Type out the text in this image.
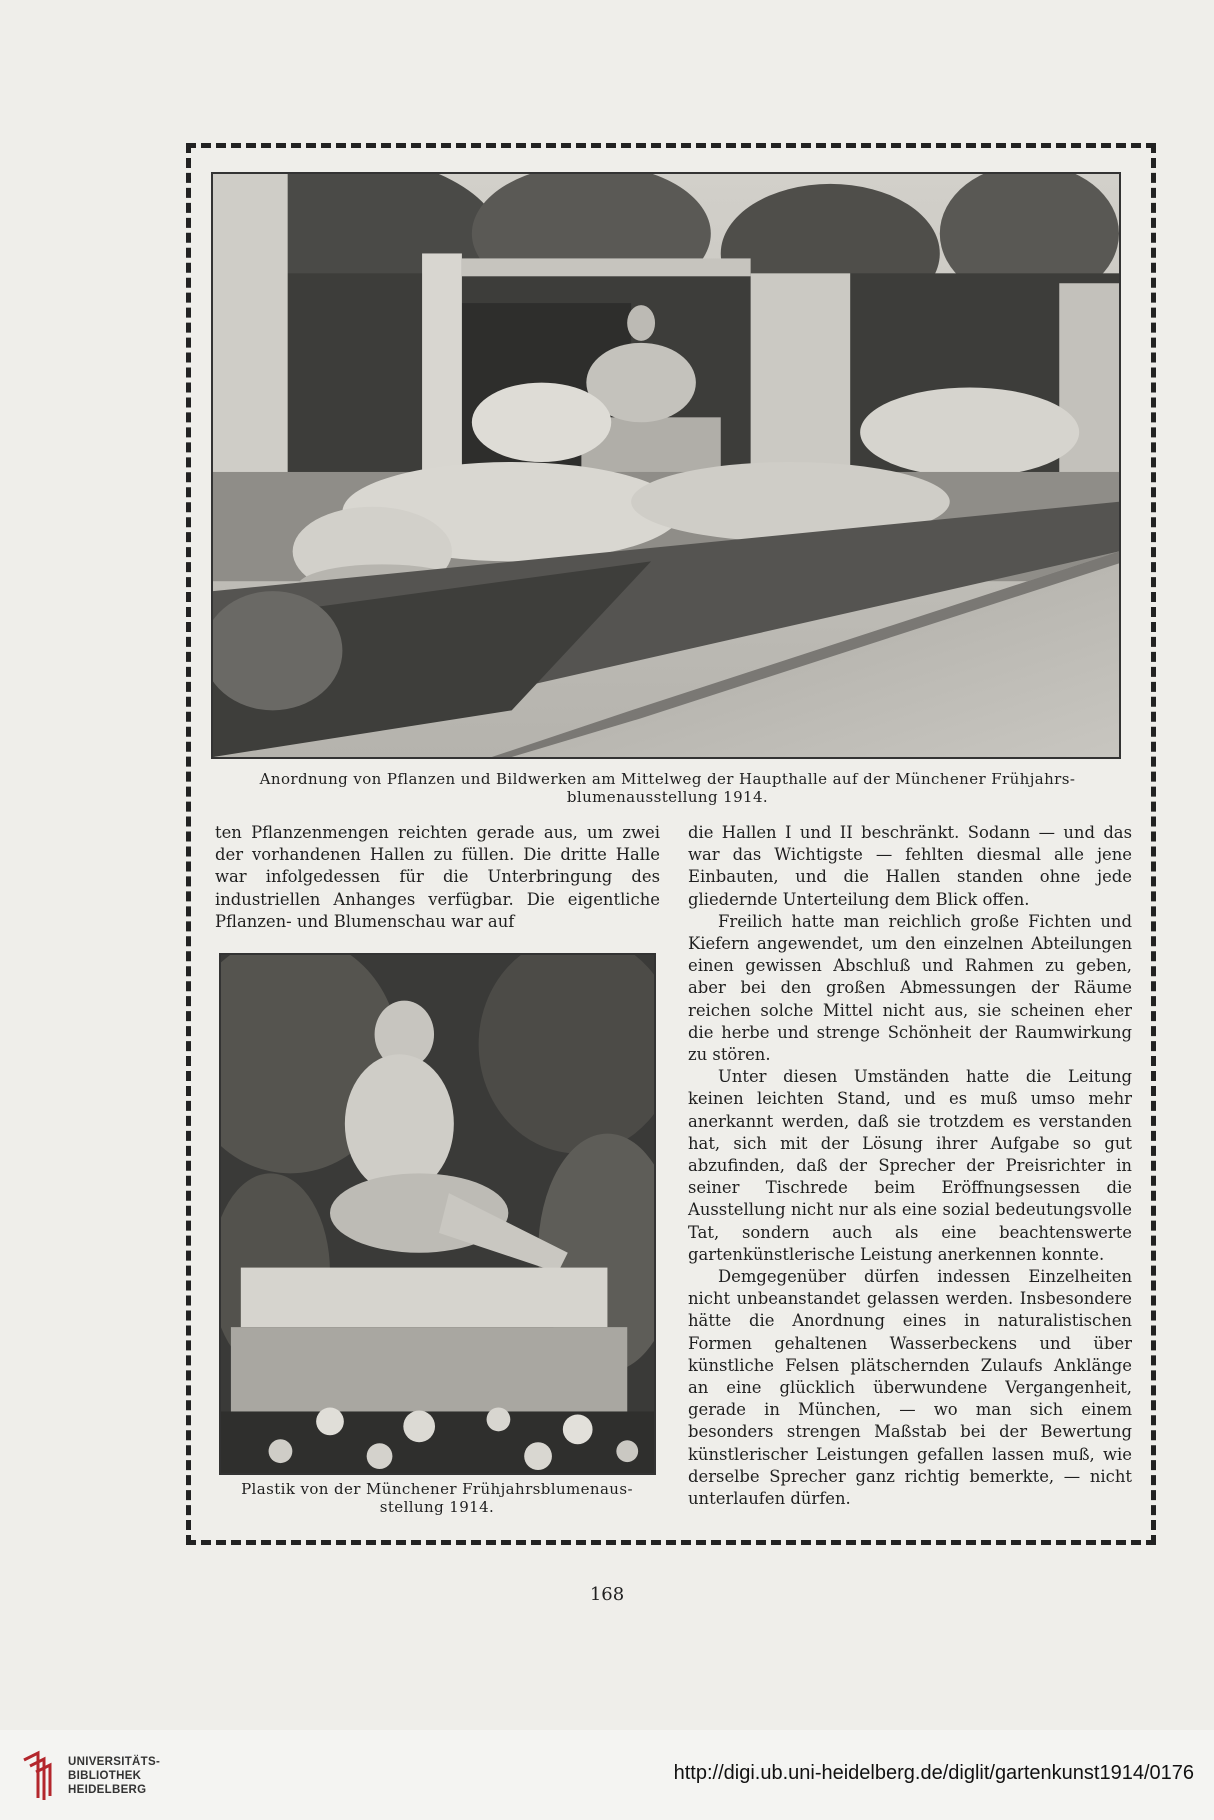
Anordnung von Pflanzen und Bildwerken am Mittelweg der Haupthalle auf der Münchener Frühjahrs-blumenausstellung 1914.

ten Pflanzenmengen reichten gerade aus, um zwei der vorhandenen Hallen zu füllen. Die dritte Halle war infolgedessen für die Unterbringung des industriellen Anhanges verfügbar. Die eigentliche Pflanzen- und Blumenschau war auf

Plastik von der Münchener Frühjahrsblumenaus-stellung 1914.

die Hallen I und II beschränkt. Sodann — und das war das Wichtigste — fehlten diesmal alle jene Einbauten, und die Hallen standen ohne jede gliedernde Unterteilung dem Blick offen.

Freilich hatte man reichlich große Fichten und Kiefern angewendet, um den einzelnen Abteilungen einen gewissen Abschluß und Rahmen zu geben, aber bei den großen Abmessungen der Räume reichen solche Mittel nicht aus, sie scheinen eher die herbe und strenge Schönheit der Raumwirkung zu stören.

Unter diesen Umständen hatte die Leitung keinen leichten Stand, und es muß umso mehr anerkannt werden, daß sie trotzdem es verstanden hat, sich mit der Lösung ihrer Aufgabe so gut abzufinden, daß der Sprecher der Preisrichter in seiner Tischrede beim Eröffnungsessen die Ausstellung nicht nur als eine sozial bedeutungsvolle Tat, sondern auch als eine beachtenswerte gartenkünstlerische Leistung anerkennen konnte.

Demgegenüber dürfen indessen Einzelheiten nicht unbeanstandet gelassen werden. Insbesondere hätte die Anordnung eines in naturalistischen Formen gehaltenen Wasserbeckens und über künstliche Felsen plätschernden Zulaufs Anklänge an eine glücklich überwundene Vergangenheit, gerade in München, — wo man sich einem besonders strengen Maßstab bei der Bewertung künstlerischer Leistungen gefallen lassen muß, wie derselbe Sprecher ganz richtig bemerkte, — nicht unterlaufen dürfen.

168
UNIVERSITÄTS-
BIBLIOTHEK
HEIDELBERG
http://digi.ub.uni-heidelberg.de/diglit/gartenkunst1914/0176
